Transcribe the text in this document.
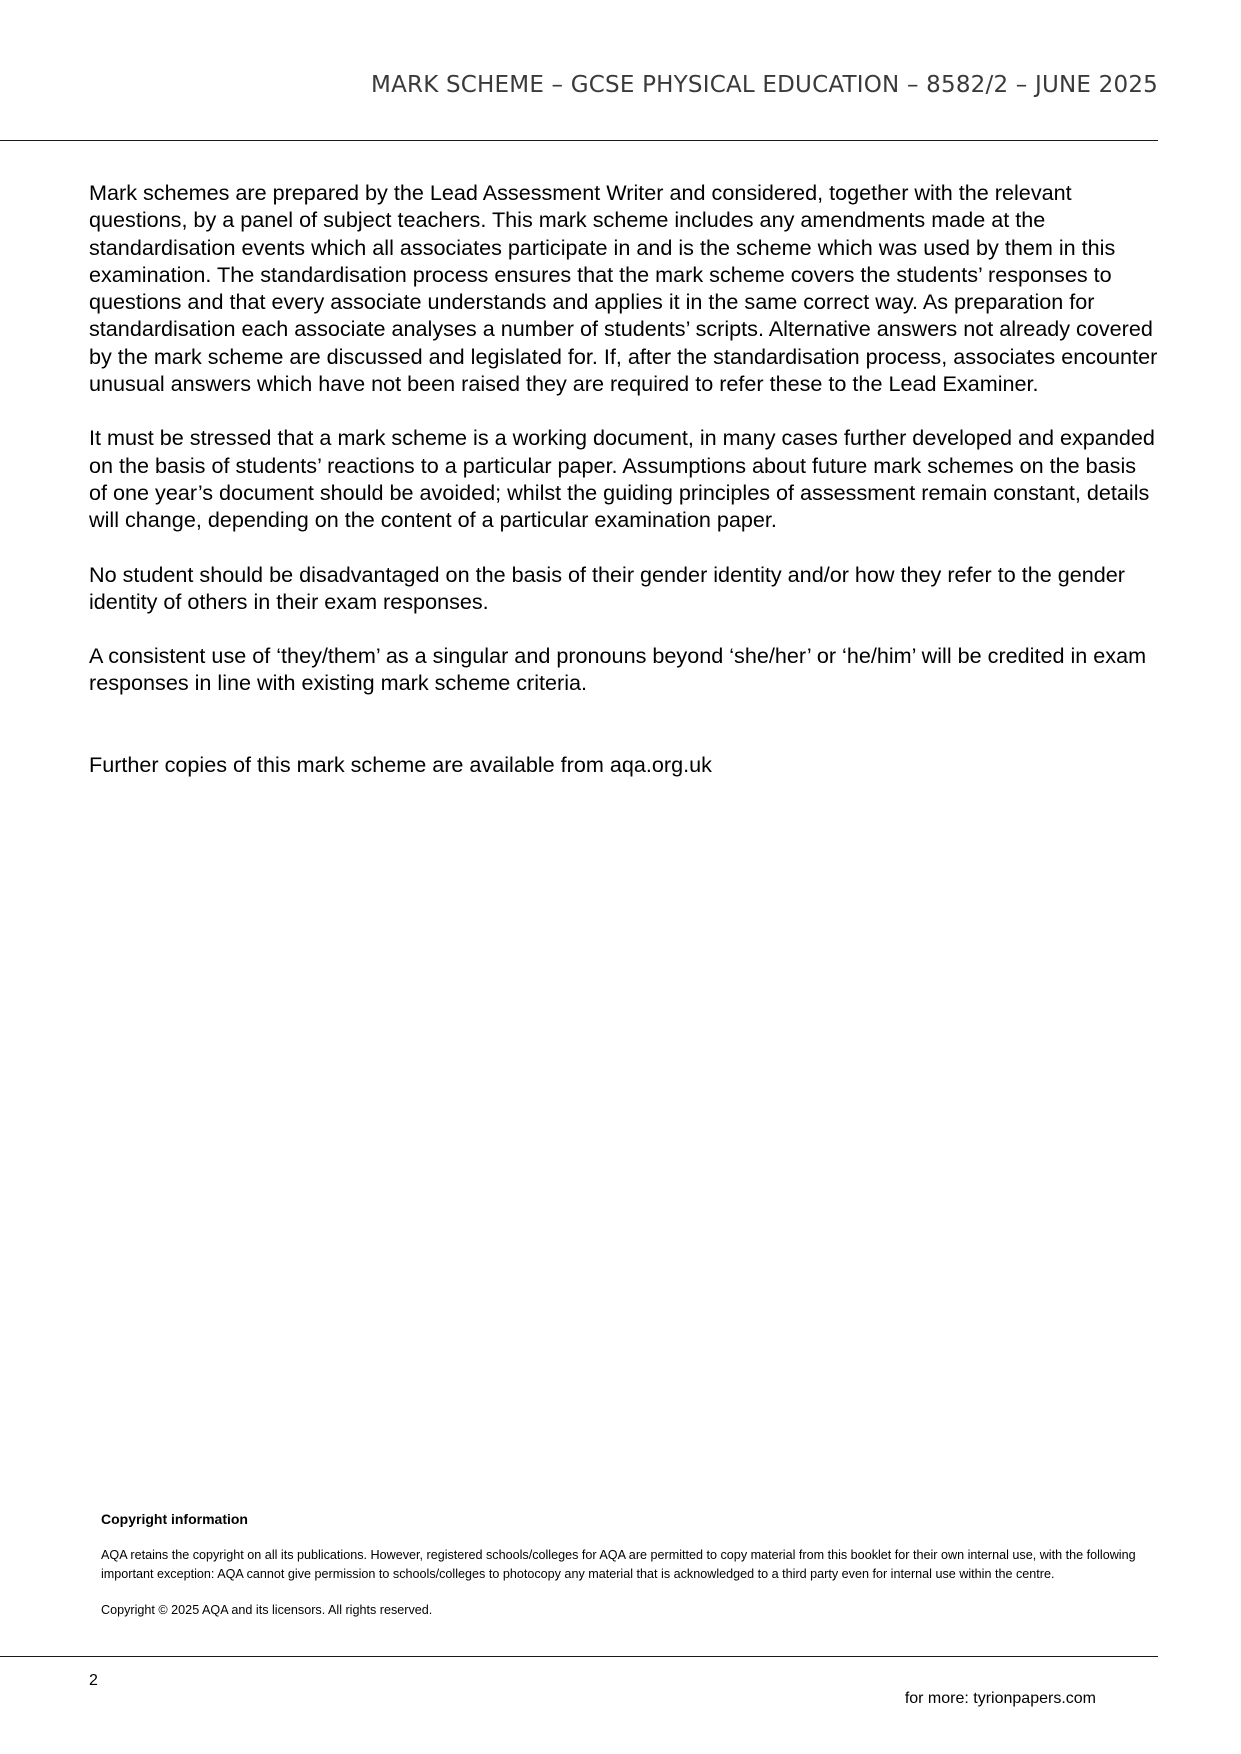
MARK SCHEME – GCSE PHYSICAL EDUCATION – 8582/2 – JUNE 2025

Mark schemes are prepared by the Lead Assessment Writer and considered, together with the relevant questions, by a panel of subject teachers. This mark scheme includes any amendments made at the standardisation events which all associates participate in and is the scheme which was used by them in this examination. The standardisation process ensures that the mark scheme covers the students’ responses to questions and that every associate understands and applies it in the same correct way. As preparation for standardisation each associate analyses a number of students’ scripts. Alternative answers not already covered by the mark scheme are discussed and legislated for. If, after the standardisation process, associates encounter unusual answers which have not been raised they are required to refer these to the Lead Examiner.

It must be stressed that a mark scheme is a working document, in many cases further developed and expanded on the basis of students’ reactions to a particular paper. Assumptions about future mark schemes on the basis of one year’s document should be avoided; whilst the guiding principles of assessment remain constant, details will change, depending on the content of a particular examination paper.

No student should be disadvantaged on the basis of their gender identity and/or how they refer to the gender identity of others in their exam responses.

A consistent use of ‘they/them’ as a singular and pronouns beyond ‘she/her’ or ‘he/him’ will be credited in exam responses in line with existing mark scheme criteria.

Further copies of this mark scheme are available from aqa.org.uk

Copyright information

AQA retains the copyright on all its publications. However, registered schools/colleges for AQA are permitted to copy material from this booklet for their own internal use, with the following important exception: AQA cannot give permission to schools/colleges to photocopy any material that is acknowledged to a third party even for internal use within the centre.

Copyright © 2025 AQA and its licensors. All rights reserved.

2
for more: tyrionpapers.com
